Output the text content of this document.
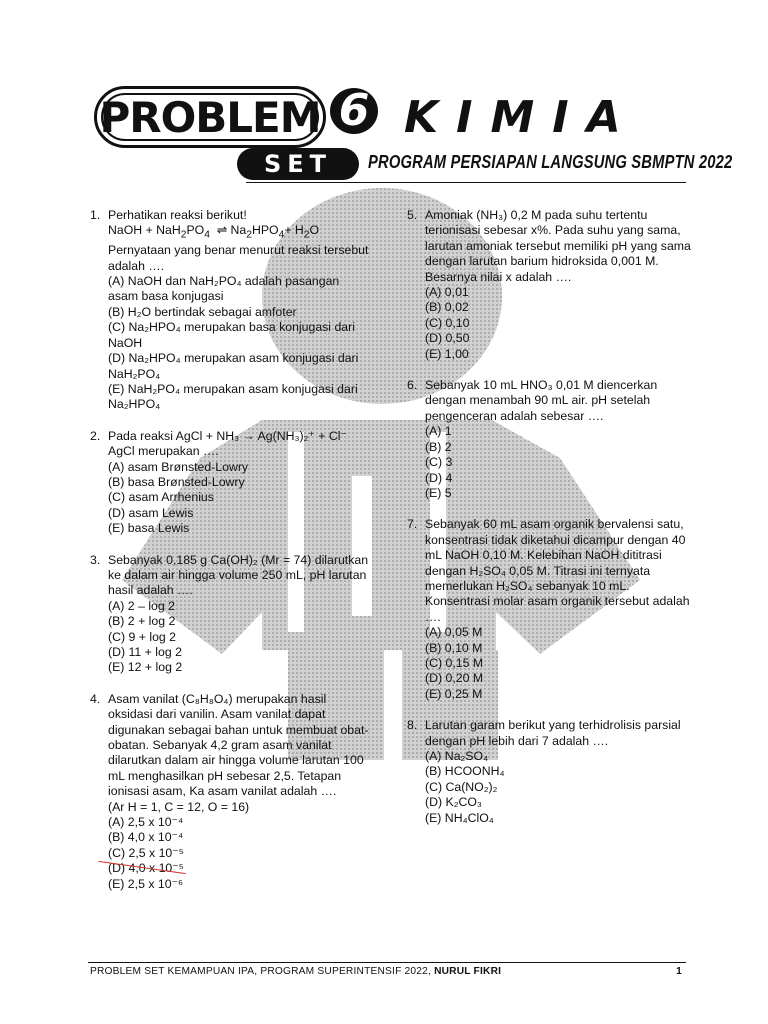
PROBLEM 6
SET
KIMIA
PROGRAM PERSIAPAN LANGSUNG SBMPTN 2022
1. Perhatikan reaksi berikut!
NaOH + $NaH_2PO_4$  ⇌ $Na_2HPO_4+ H_2O$
Pernyataan yang benar menurut reaksi tersebut adalah ….
(A) NaOH dan NaH₂PO₄ adalah pasangan asam basa konjugasi
(B) H₂O bertindak sebagai amfoter
(C) Na₂HPO₄ merupakan basa konjugasi dari NaOH
(D) Na₂HPO₄ merupakan asam konjugasi dari NaH₂PO₄
(E) NaH₂PO₄ merupakan asam konjugasi dari Na₂HPO₄
2. Pada reaksi AgCl + NH₃ → Ag(NH₃)₂⁺ + Cl⁻
AgCl merupakan ….
(A) asam Brønsted-Lowry
(B) basa Brønsted-Lowry
(C) asam Arrhenius
(D) asam Lewis
(E) basa Lewis
3. Sebanyak 0,185 g Ca(OH)₂ (Mr = 74) dilarutkan ke dalam air hingga volume 250 mL, pH larutan hasil adalah ….
(A) 2 – log 2
(B) 2 + log 2
(C) 9 + log 2
(D) 11 + log 2
(E) 12 + log 2
4. Asam vanilat (C₈H₈O₄) merupakan hasil oksidasi dari vanilin. Asam vanilat dapat digunakan sebagai bahan untuk membuat obat-obatan. Sebanyak 4,2 gram asam vanilat dilarutkan dalam air hingga volume larutan 100 mL menghasilkan pH sebesar 2,5. Tetapan ionisasi asam, Ka asam vanilat adalah ….
(Ar H = 1, C = 12, O = 16)
(A) 2,5 x 10⁻⁴
(B) 4,0 x 10⁻⁴
(C) 2,5 x 10⁻⁵
(D) 4,0 x 10⁻⁵
(E) 2,5 x 10⁻⁶
5. Amoniak (NH₃) 0,2 M pada suhu tertentu terionisasi sebesar x%. Pada suhu yang sama, larutan amoniak tersebut memiliki pH yang sama dengan larutan barium hidroksida 0,001 M. Besarnya nilai x adalah ….
(A) 0,01
(B) 0,02
(C) 0,10
(D) 0,50
(E) 1,00
6. Sebanyak 10 mL HNO₃ 0,01 M diencerkan dengan menambah 90 mL air. pH setelah pengenceran adalah sebesar ….
(A) 1
(B) 2
(C) 3
(D) 4
(E) 5
7. Sebanyak 60 mL asam organik bervalensi satu, konsentrasi tidak diketahui dicampur dengan 40 mL NaOH 0,10 M. Kelebihan NaOH dititrasi dengan H₂SO₄ 0,05 M. Titrasi ini ternyata memerlukan H₂SO₄ sebanyak 10 mL. Konsentrasi molar asam organik tersebut adalah ….
(A) 0,05 M
(B) 0,10 M
(C) 0,15 M
(D) 0,20 M
(E) 0,25 M
8. Larutan garam berikut yang terhidrolisis parsial dengan pH lebih dari 7 adalah ….
(A) Na₂SO₄
(B) HCOONH₄
(C) Ca(NO₂)₂
(D) K₂CO₃
(E) NH₄ClO₄
PROBLEM SET KEMAMPUAN IPA, PROGRAM SUPERINTENSIF 2022, NURUL FIKRI	1
